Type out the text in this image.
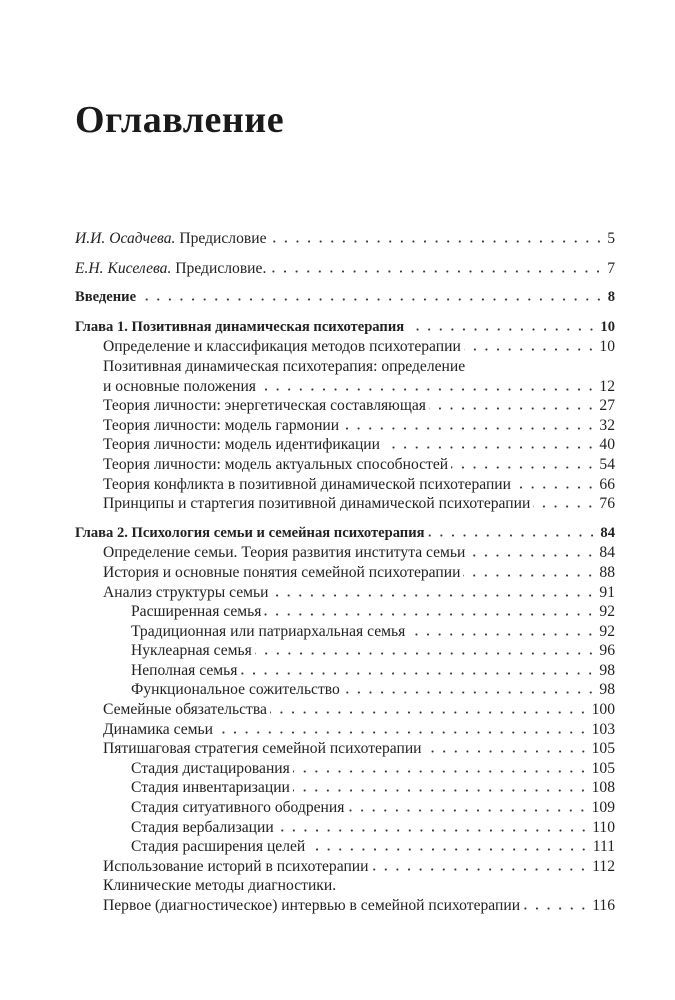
Оглавление
И.И. Осадчева. Предисловие	5
Е.Н. Киселева. Предисловие.	7
Введение	8
Глава 1. Позитивная динамическая психотерапия	10
Определение и классификация методов психотерапии	10
Позитивная динамическая психотерапия: определение
и основные положения	12
Теория личности: энергетическая составляющая	27
Теория личности: модель гармонии	32
Теория личности: модель идентификации	40
Теория личности: модель актуальных способностей	54
Теория конфликта в позитивной динамической психотерапии	66
Принципы и стартегия позитивной динамической психотерапии	76
Глава 2. Психология семьи и семейная психотерапия	84
Определение семьи. Теория развития института семьи	84
История и основные понятия семейной психотерапии	88
Анализ структуры семьи	91
Расширенная семья	92
Традиционная или патриархальная семья	92
Нуклеарная семья	96
Неполная семья	98
Функциональное сожительство	98
Семейные обязательства	100
Динамика семьи	103
Пятишаговая стратегия семейной психотерапии	105
Стадия дистацирования	105
Стадия инвентаризации	108
Стадия ситуативного ободрения	109
Стадия вербализации	110
Стадия расширения целей	111
Использование историй в психотерапии	112
Клинические методы диагностики.
Первое (диагностическое) интервью в семейной психотерапии	116
